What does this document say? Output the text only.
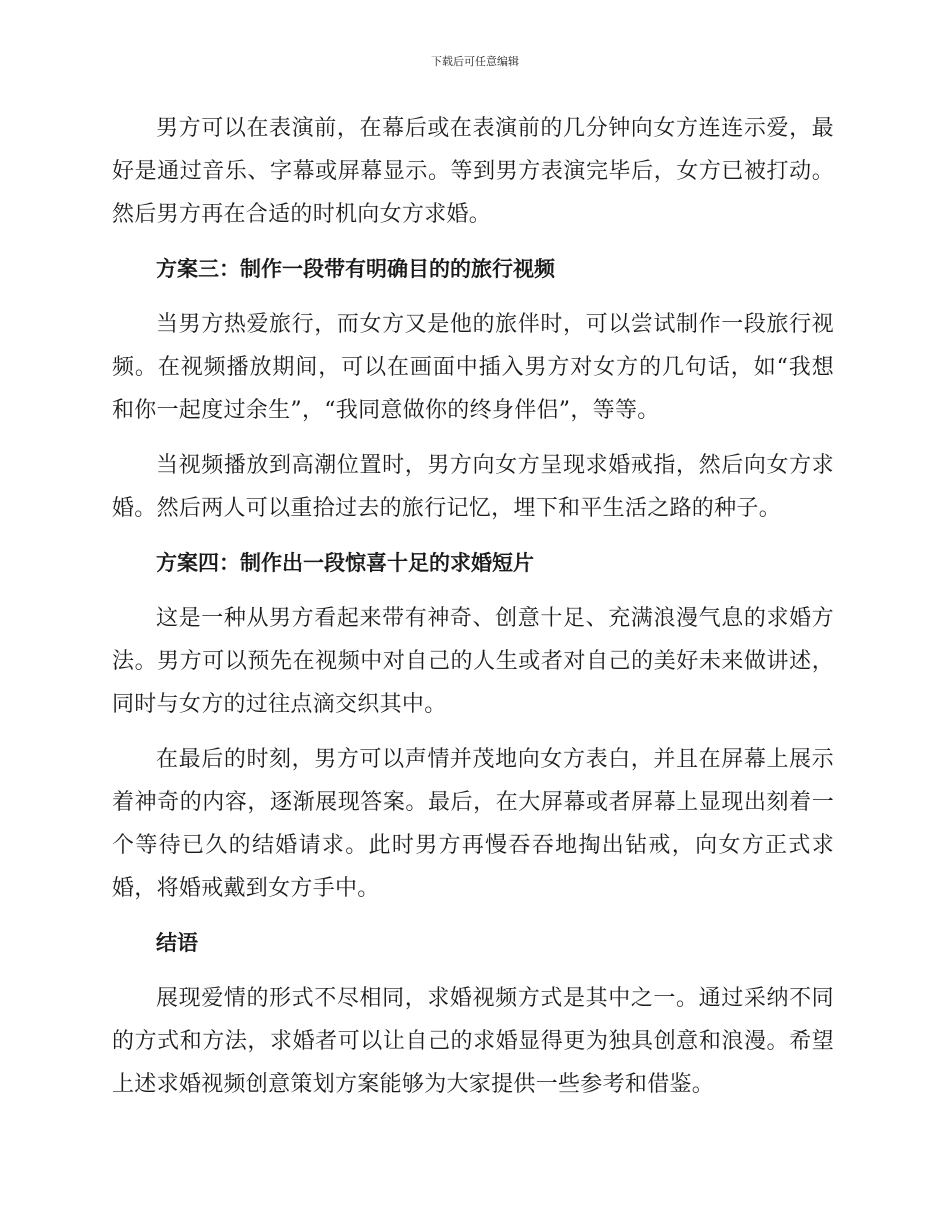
下载后可任意编辑

男方可以在表演前，在幕后或在表演前的几分钟向女方连连示爱，最好是通过音乐、字幕或屏幕显示。等到男方表演完毕后，女方已被打动。然后男方再在合适的时机向女方求婚。

方案三：制作一段带有明确目的的旅行视频

当男方热爱旅行，而女方又是他的旅伴时，可以尝试制作一段旅行视频。在视频播放期间，可以在画面中插入男方对女方的几句话，如“我想和你一起度过余生”，“我同意做你的终身伴侣”，等等。

当视频播放到高潮位置时，男方向女方呈现求婚戒指，然后向女方求婚。然后两人可以重拾过去的旅行记忆，埋下和平生活之路的种子。

方案四：制作出一段惊喜十足的求婚短片

这是一种从男方看起来带有神奇、创意十足、充满浪漫气息的求婚方法。男方可以预先在视频中对自己的人生或者对自己的美好未来做讲述，同时与女方的过往点滴交织其中。

在最后的时刻，男方可以声情并茂地向女方表白，并且在屏幕上展示着神奇的内容，逐渐展现答案。最后，在大屏幕或者屏幕上显现出刻着一个等待已久的结婚请求。此时男方再慢吞吞地掏出钻戒，向女方正式求婚，将婚戒戴到女方手中。

结语

展现爱情的形式不尽相同，求婚视频方式是其中之一。通过采纳不同的方式和方法，求婚者可以让自己的求婚显得更为独具创意和浪漫。希望上述求婚视频创意策划方案能够为大家提供一些参考和借鉴。
